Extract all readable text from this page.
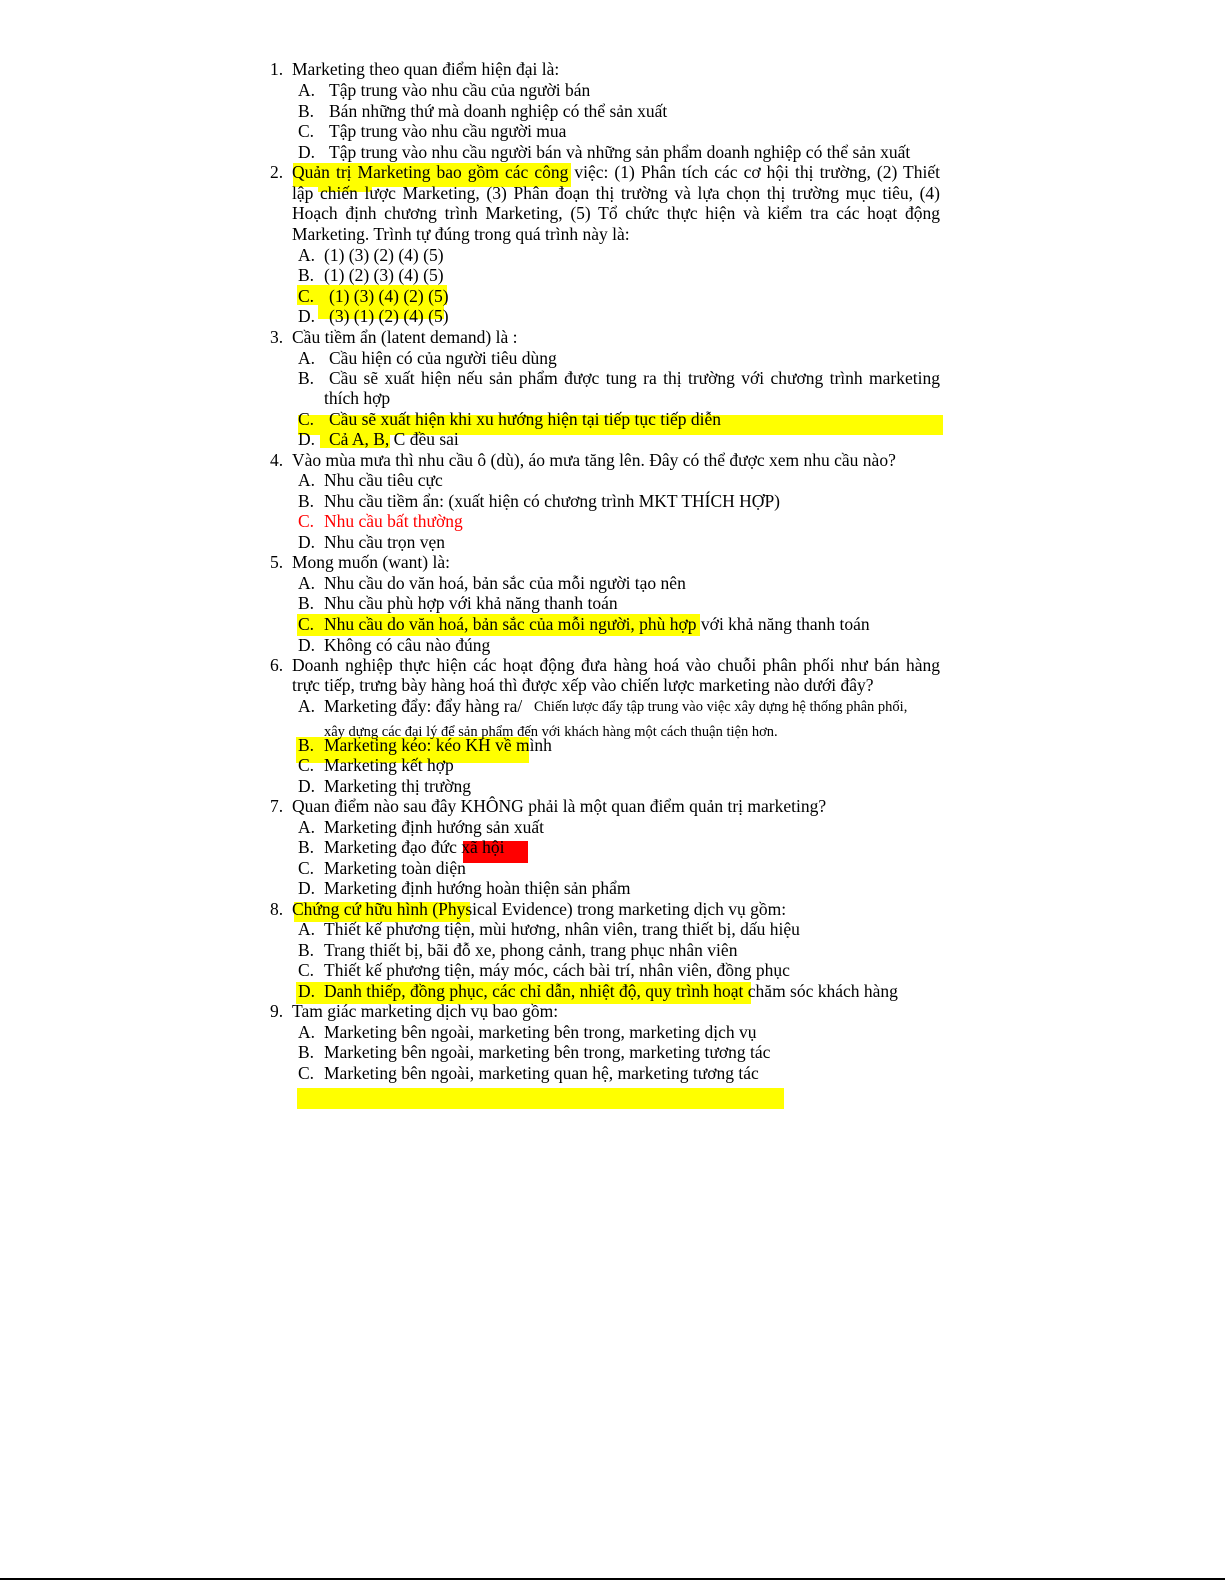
1. Marketing theo quan điểm hiện đại là:
A. Tập trung vào nhu cầu của người bán
B. Bán những thứ mà doanh nghiệp có thể sản xuất
C. Tập trung vào nhu cầu người mua
D. Tập trung vào nhu cầu người bán và những sản phẩm doanh nghiệp có thể sản xuất
2. Quản trị Marketing bao gồm các công việc: (1) Phân tích các cơ hội thị trường, (2) Thiết
lập chiến lược Marketing, (3) Phân đoạn thị trường và lựa chọn thị trường mục tiêu, (4)
Hoạch định chương trình Marketing, (5) Tổ chức thực hiện và kiểm tra các hoạt động
Marketing. Trình tự đúng trong quá trình này là:
A. (1) (3) (2) (4) (5)
B. (1) (2) (3) (4) (5)
C. (1) (3) (4) (2) (5)
D. (3) (1) (2) (4) (5)
3. Cầu tiềm ẩn (latent demand) là :
A. Cầu hiện có của người tiêu dùng
B. Cầu sẽ xuất hiện nếu sản phẩm được tung ra thị trường với chương trình marketing
thích hợp
C. Cầu sẽ xuất hiện khi xu hướng hiện tại tiếp tục tiếp diễn
D. Cả A, B, C đều sai
4. Vào mùa mưa thì nhu cầu ô (dù), áo mưa tăng lên. Đây có thể được xem nhu cầu nào?
A. Nhu cầu tiêu cực
B. Nhu cầu tiềm ẩn: (xuất hiện có chương trình MKT THÍCH HỢP)
C. Nhu cầu bất thường
D. Nhu cầu trọn vẹn
5. Mong muốn (want) là:
A. Nhu cầu do văn hoá, bản sắc của mỗi người tạo nên
B. Nhu cầu phù hợp với khả năng thanh toán
C. Nhu cầu do văn hoá, bản sắc của mỗi người, phù hợp với khả năng thanh toán
D. Không có câu nào đúng
6. Doanh nghiệp thực hiện các hoạt động đưa hàng hoá vào chuỗi phân phối như bán hàng
trực tiếp, trưng bày hàng hoá thì được xếp vào chiến lược marketing nào dưới đây?
A. Marketing đẩy: đẩy hàng ra/ Chiến lược đẩy tập trung vào việc xây dựng hệ thống phân phối,
xây dựng các đại lý để sản phẩm đến với khách hàng một cách thuận tiện hơn.
B. Marketing kéo: kéo KH về mình
C. Marketing kết hợp
D. Marketing thị trường
7. Quan điểm nào sau đây KHÔNG phải là một quan điểm quản trị marketing?
A. Marketing định hướng sản xuất
B. Marketing đạo đức xã hội
C. Marketing toàn diện
D. Marketing định hướng hoàn thiện sản phẩm
8. Chứng cứ hữu hình (Physical Evidence) trong marketing dịch vụ gồm:
A. Thiết kế phương tiện, mùi hương, nhân viên, trang thiết bị, dấu hiệu
B. Trang thiết bị, bãi đỗ xe, phong cảnh, trang phục nhân viên
C. Thiết kế phương tiện, máy móc, cách bài trí, nhân viên, đồng phục
D. Danh thiếp, đồng phục, các chỉ dẫn, nhiệt độ, quy trình hoạt chăm sóc khách hàng
9. Tam giác marketing dịch vụ bao gồm:
A. Marketing bên ngoài, marketing bên trong, marketing dịch vụ
B. Marketing bên ngoài, marketing bên trong, marketing tương tác
C. Marketing bên ngoài, marketing quan hệ, marketing tương tác
